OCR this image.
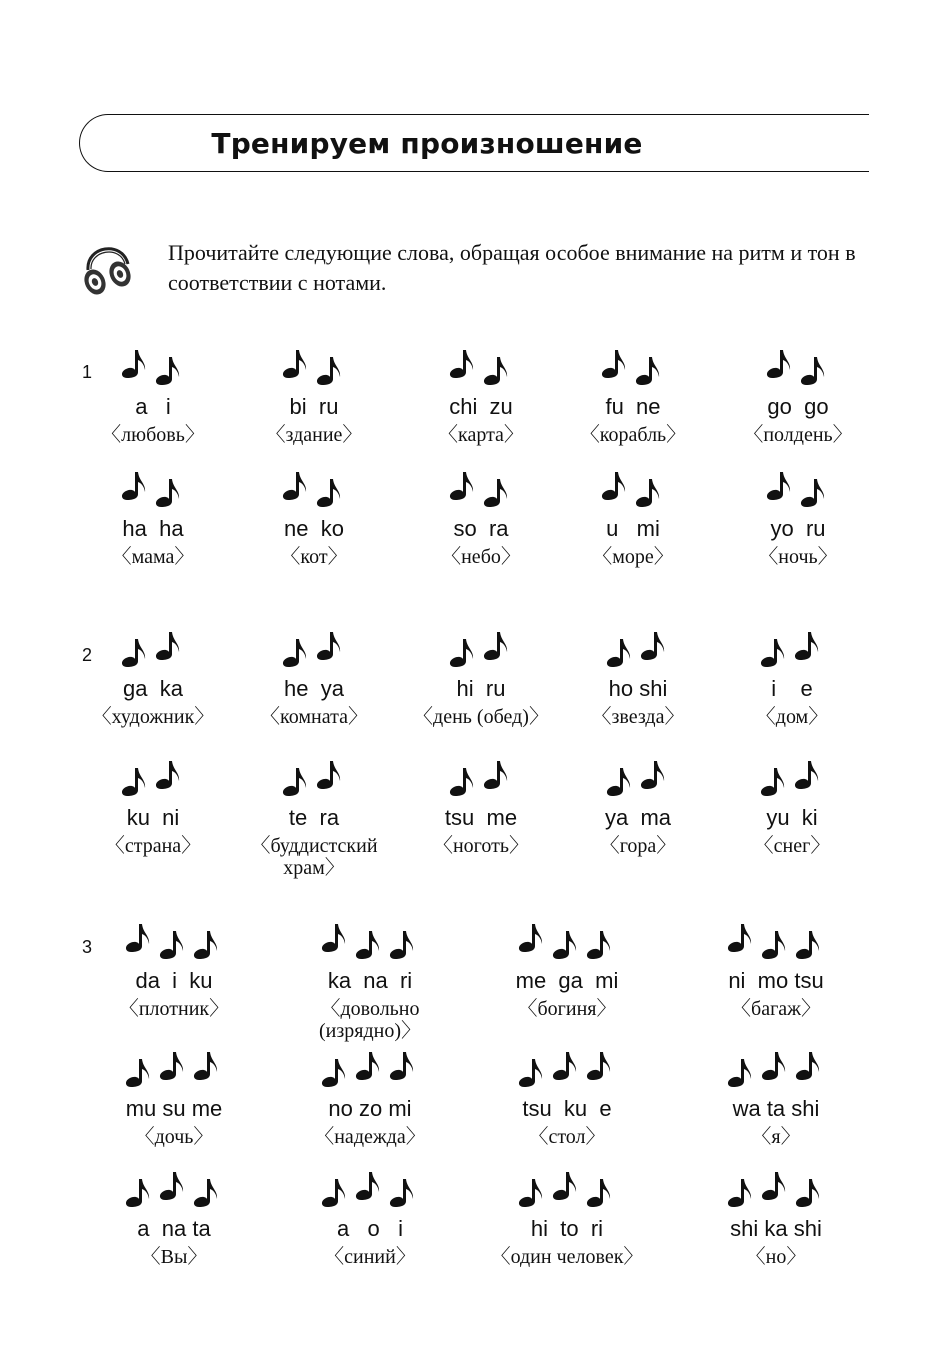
Тренируем произношение
Прочитайте следующие слова, обращая особое внимание на ритм и тон в соответствии с нотами.
1
2
3
a   i
〈любовь〉
bi  ru
〈здание〉
chi  zu
〈карта〉
fu  ne
〈корабль〉
go  go
〈полдень〉
ha  ha
〈мама〉
ne  ko
〈кот〉
so  ra
〈небо〉
u   mi
〈море〉
yo  ru
〈ночь〉
ga  ka
〈художник〉
he  ya
〈комната〉
hi  ru
〈день (обед)〉
ho shi
〈звезда〉
i    e
〈дом〉
ku  ni
〈страна〉
te  ra
〈буддистский храм〉
tsu  me
〈ноготь〉
ya  ma
〈гора〉
yu  ki
〈снег〉
da  i  ku
〈плотник〉
ka  na  ri
〈довольно (изрядно)〉
me  ga  mi
〈богиня〉
ni  mo tsu
〈багаж〉
mu su me
〈дочь〉
no zo mi
〈надежда〉
tsu  ku  e
〈стол〉
wa ta shi
〈я〉
a  na ta
〈Вы〉
a   o   i
〈синий〉
hi  to  ri
〈один человек〉
shi ka shi
〈но〉
